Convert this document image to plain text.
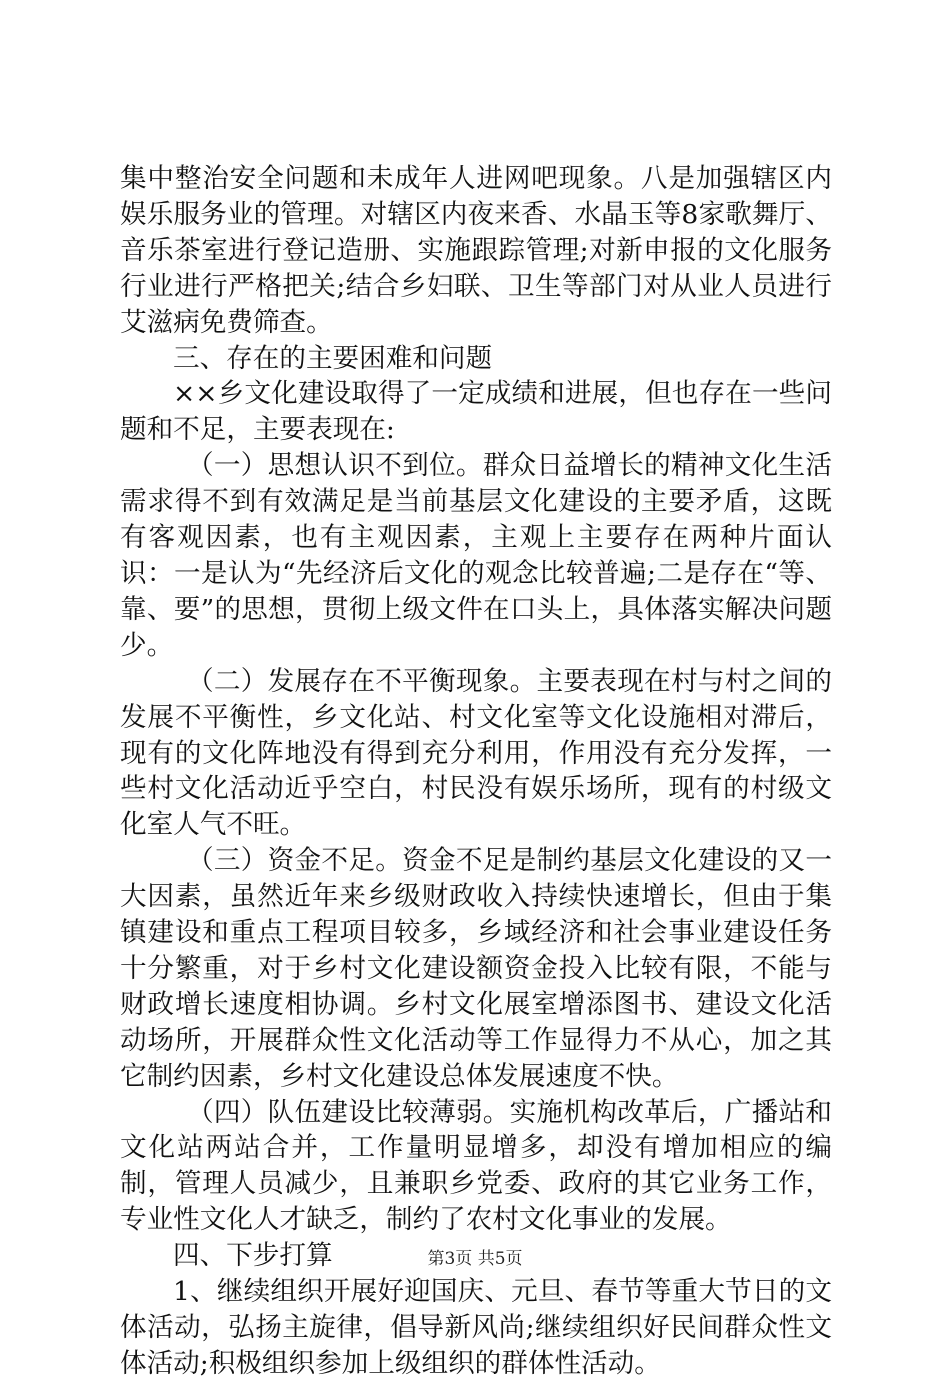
集中整治安全问题和未成年人进网吧现象。八是加强辖区内娱乐服务业的管理。对辖区内夜来香、水晶玉等8家歌舞厅、音乐茶室进行登记造册、实施跟踪管理;对新申报的文化服务行业进行严格把关;结合乡妇联、卫生等部门对从业人员进行艾滋病免费筛查。

三、存在的主要困难和问题

××乡文化建设取得了一定成绩和进展，但也存在一些问题和不足，主要表现在:

（一）思想认识不到位。群众日益增长的精神文化生活需求得不到有效满足是当前基层文化建设的主要矛盾，这既有客观因素，也有主观因素，主观上主要存在两种片面认识：一是认为“先经济后文化的观念比较普遍;二是存在“等、靠、要”的思想，贯彻上级文件在口头上，具体落实解决问题少。

（二）发展存在不平衡现象。主要表现在村与村之间的发展不平衡性，乡文化站、村文化室等文化设施相对滞后，现有的文化阵地没有得到充分利用，作用没有充分发挥，一些村文化活动近乎空白，村民没有娱乐场所，现有的村级文化室人气不旺。

（三）资金不足。资金不足是制约基层文化建设的又一大因素，虽然近年来乡级财政收入持续快速增长，但由于集镇建设和重点工程项目较多，乡域经济和社会事业建设任务十分繁重，对于乡村文化建设额资金投入比较有限，不能与财政增长速度相协调。乡村文化展室增添图书、建设文化活动场所，开展群众性文化活动等工作显得力不从心，加之其它制约因素，乡村文化建设总体发展速度不快。

（四）队伍建设比较薄弱。实施机构改革后，广播站和文化站两站合并，工作量明显增多，却没有增加相应的编制，管理人员减少，且兼职乡党委、政府的其它业务工作，专业性文化人才缺乏，制约了农村文化事业的发展。

四、下步打算

1、继续组织开展好迎国庆、元旦、春节等重大节日的文体活动，弘扬主旋律，倡导新风尚;继续组织好民间群众性文体活动;积极组织参加上级组织的群体性活动。

第3页 共5页
